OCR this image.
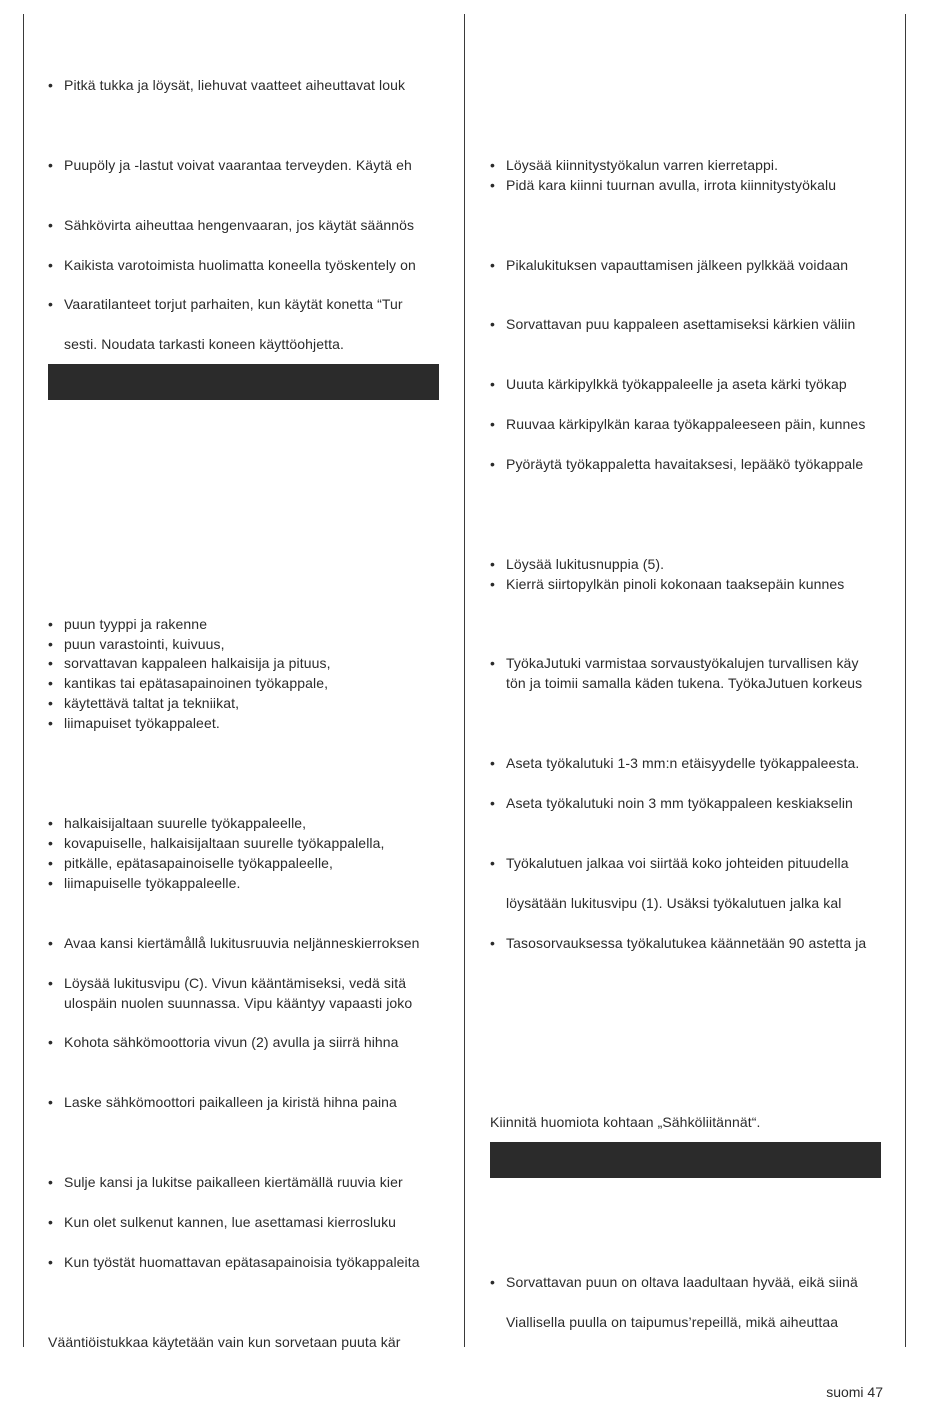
• Pitkä tukka ja löysät, liehuvat vaatteet aiheuttavat louk
• Puupöly ja -lastut voivat vaarantaa terveyden. Käytä eh
• Sähkövirta aiheuttaa hengenvaaran, jos käytät säännös
• Kaikista varotoimista huolimatta koneella työskentely on
• Vaaratilanteet torjut parhaiten, kun käytät konetta “Tur
sesti. Noudata tarkasti koneen käyttöohjetta.
• puun tyyppi ja rakenne
• puun varastointi, kuivuus,
• sorvattavan kappaleen halkaisija ja pituus,
• kantikas tai epätasapainoinen työkappale,
• käytettävä taltat ja tekniikat,
• liimapuiset työkappaleet.
• halkaisijaltaan suurelle työkappaleelle,
• kovapuiselle, halkaisijaltaan suurelle työkappalella,
• pitkälle, epätasapainoiselle työkappaleelle,
• liimapuiselle työkappaleelle.
• Avaa kansi kiertämållå lukitusruuvia neljänneskierroksen
• Löysää lukitusvipu (C). Vivun kääntämiseksi, vedä sitä
ulospäin nuolen suunnassa. Vipu kääntyy vapaasti joko
• Kohota sähkömoottoria vivun (2) avulla ja siirrä hihna
• Laske sähkömoottori paikalleen ja kiristä hihna paina
• Sulje kansi ja lukitse paikalleen kiertämällä ruuvia kier
• Kun olet sulkenut kannen, lue asettamasi kierrosluku
• Kun työstät huomattavan epätasapainoisia työkappaleita
Vääntiöistukkaa käytetään vain kun sorvetaan puuta kär
• Löysää kiinnitystyökalun varren kierretappi.
• Pidä kara kiinni tuurnan avulla, irrota kiinnitystyökalu
• Pikalukituksen vapauttamisen jälkeen pylkkää voidaan
• Sorvattavan puu kappaleen asettamiseksi kärkien väliin
• Uuuta kärkipylkkä työkappaleelle ja aseta kärki työkap
• Ruuvaa kärkipylkän karaa työkappaleeseen päin, kunnes
• Pyöräytä työkappaletta havaitaksesi, lepääkö työkappale
• Löysää lukitusnuppia (5).
• Kierrä siirtopylkän pinoli kokonaan taaksepäin kunnes
• TyökaJutuki varmistaa sorvaustyökalujen turvallisen käy
tön ja toimii samalla käden tukena. TyökaJutuen korkeus
• Aseta työkalutuki 1-3 mm:n etäisyydelle työkappaleesta.
• Aseta työkalutuki noin 3 mm työkappaleen keskiakselin
• Työkalutuen jalkaa voi siirtää koko johteiden pituudella
löysätään lukitusvipu (1). Usäksi työkalutuen jalka kal
• Tasosorvauksessa työkalutukea käännetään 90 astetta ja
Kiinnitä huomiota kohtaan „Sähköliitännät“.
• Sorvattavan puun on oltava laadultaan hyvää, eikä siinä
Viallisella puulla on taipumus’repeillä, mikä aiheuttaa
suomi 47
